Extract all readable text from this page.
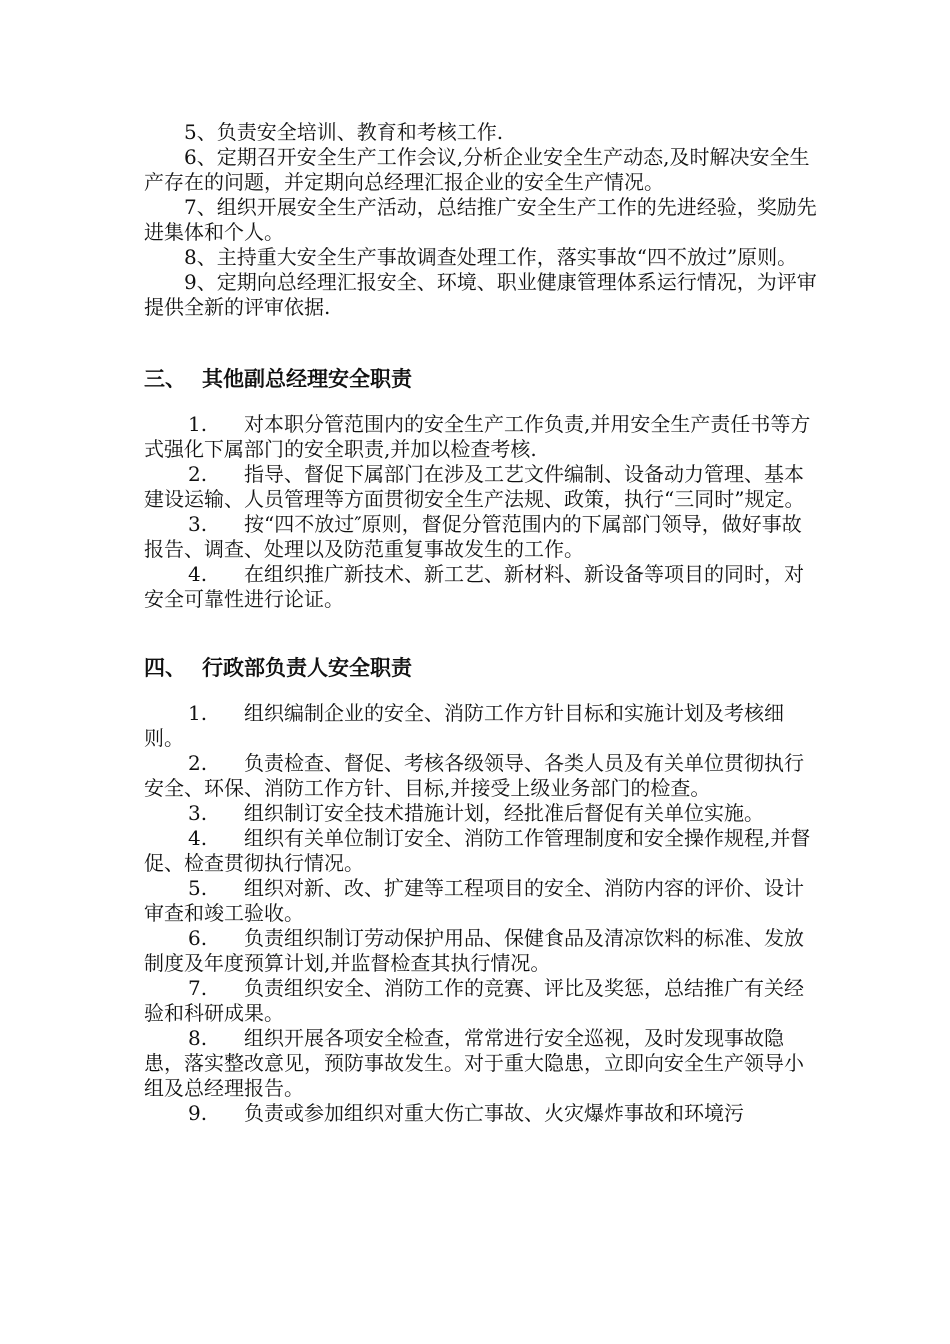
5、负责安全培训、教育和考核工作.

6、定期召开安全生产工作会议,分析企业安全生产动态,及时解决安全生产存在的问题，并定期向总经理汇报企业的安全生产情况。

7、组织开展安全生产活动，总结推广安全生产工作的先进经验，奖励先进集体和个人。

8、主持重大安全生产事故调查处理工作，落实事故“四不放过”原则。

9、定期向总经理汇报安全、环境、职业健康管理体系运行情况，为评审提供全新的评审依据.

三、 其他副总经理安全职责

1. 对本职分管范围内的安全生产工作负责,并用安全生产责任书等方式强化下属部门的安全职责,并加以检查考核.

2. 指导、督促下属部门在涉及工艺文件编制、设备动力管理、基本建设运输、人员管理等方面贯彻安全生产法规、政策，执行“三同时”规定。

3. 按“四不放过″原则，督促分管范围内的下属部门领导，做好事故报告、调查、处理以及防范重复事故发生的工作。

4. 在组织推广新技术、新工艺、新材料、新设备等项目的同时，对安全可靠性进行论证。

四、 行政部负责人安全职责

1. 组织编制企业的安全、消防工作方针目标和实施计划及考核细则。

2. 负责检查、督促、考核各级领导、各类人员及有关单位贯彻执行安全、环保、消防工作方针、目标,并接受上级业务部门的检查。

3. 组织制订安全技术措施计划，经批准后督促有关单位实施。

4. 组织有关单位制订安全、消防工作管理制度和安全操作规程,并督促、检查贯彻执行情况。

5. 组织对新、改、扩建等工程项目的安全、消防内容的评价、设计审查和竣工验收。

6. 负责组织制订劳动保护用品、保健食品及清凉饮料的标准、发放制度及年度预算计划,并监督检查其执行情况。

7. 负责组织安全、消防工作的竞赛、评比及奖惩，总结推广有关经验和科研成果。

8. 组织开展各项安全检查，常常进行安全巡视，及时发现事故隐患，落实整改意见，预防事故发生。对于重大隐患，立即向安全生产领导小组及总经理报告。

9. 负责或参加组织对重大伤亡事故、火灾爆炸事故和环境污
